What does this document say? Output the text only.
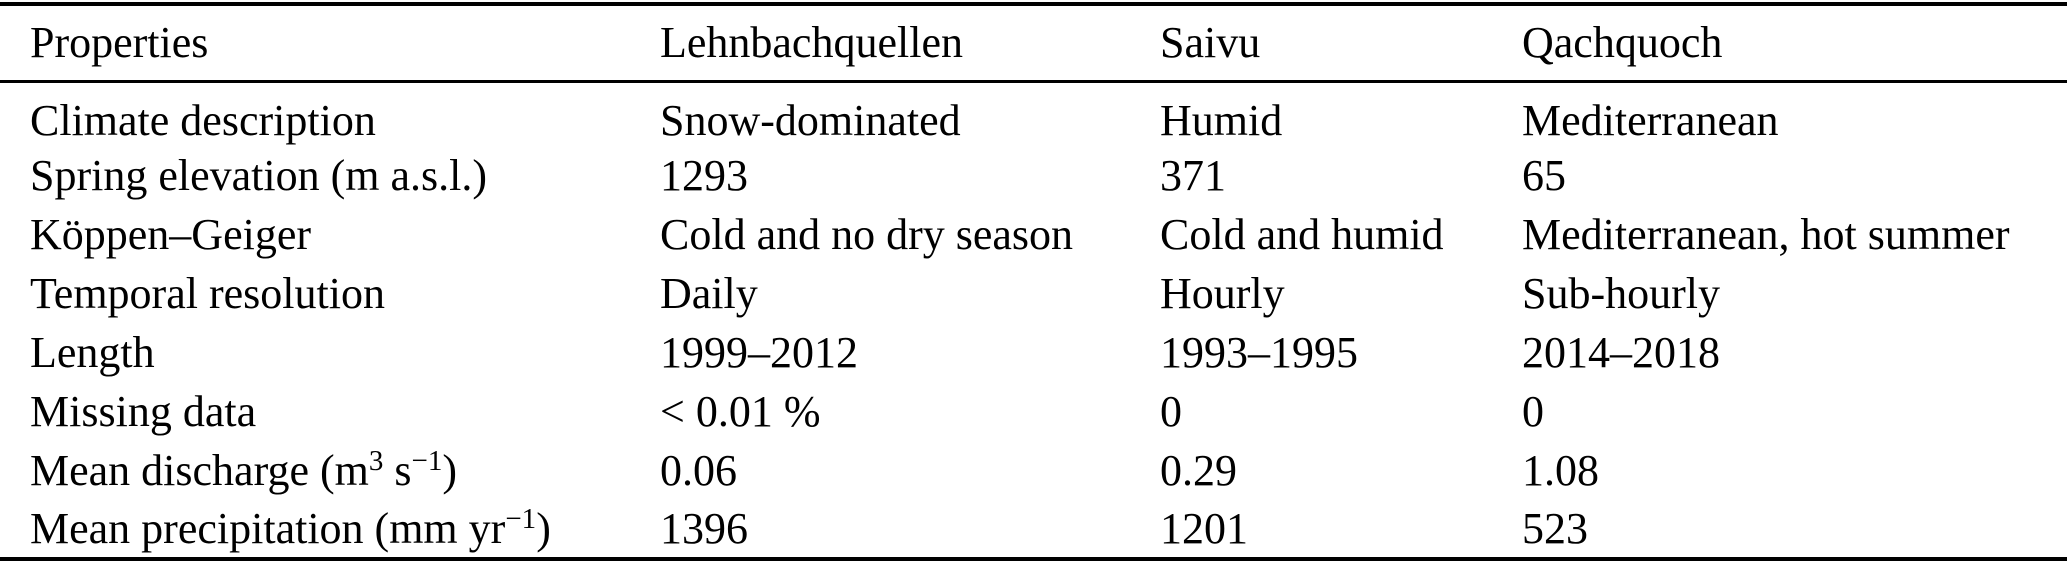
Properties	Lehnbachquellen	Saivu	Qachquoch
Climate description	Snow-dominated	Humid	Mediterranean
Spring elevation (m a.s.l.)	1293	371	65
Köppen–Geiger	Cold and no dry season	Cold and humid	Mediterranean, hot summer
Temporal resolution	Daily	Hourly	Sub-hourly
Length	1999–2012	1993–1995	2014–2018
Missing data	< 0.01 %	0	0
Mean discharge ($m^3$ $s^{-1}$)	0.06	0.29	1.08
Mean precipitation (mm $yr^{-1}$)	1396	1201	523
